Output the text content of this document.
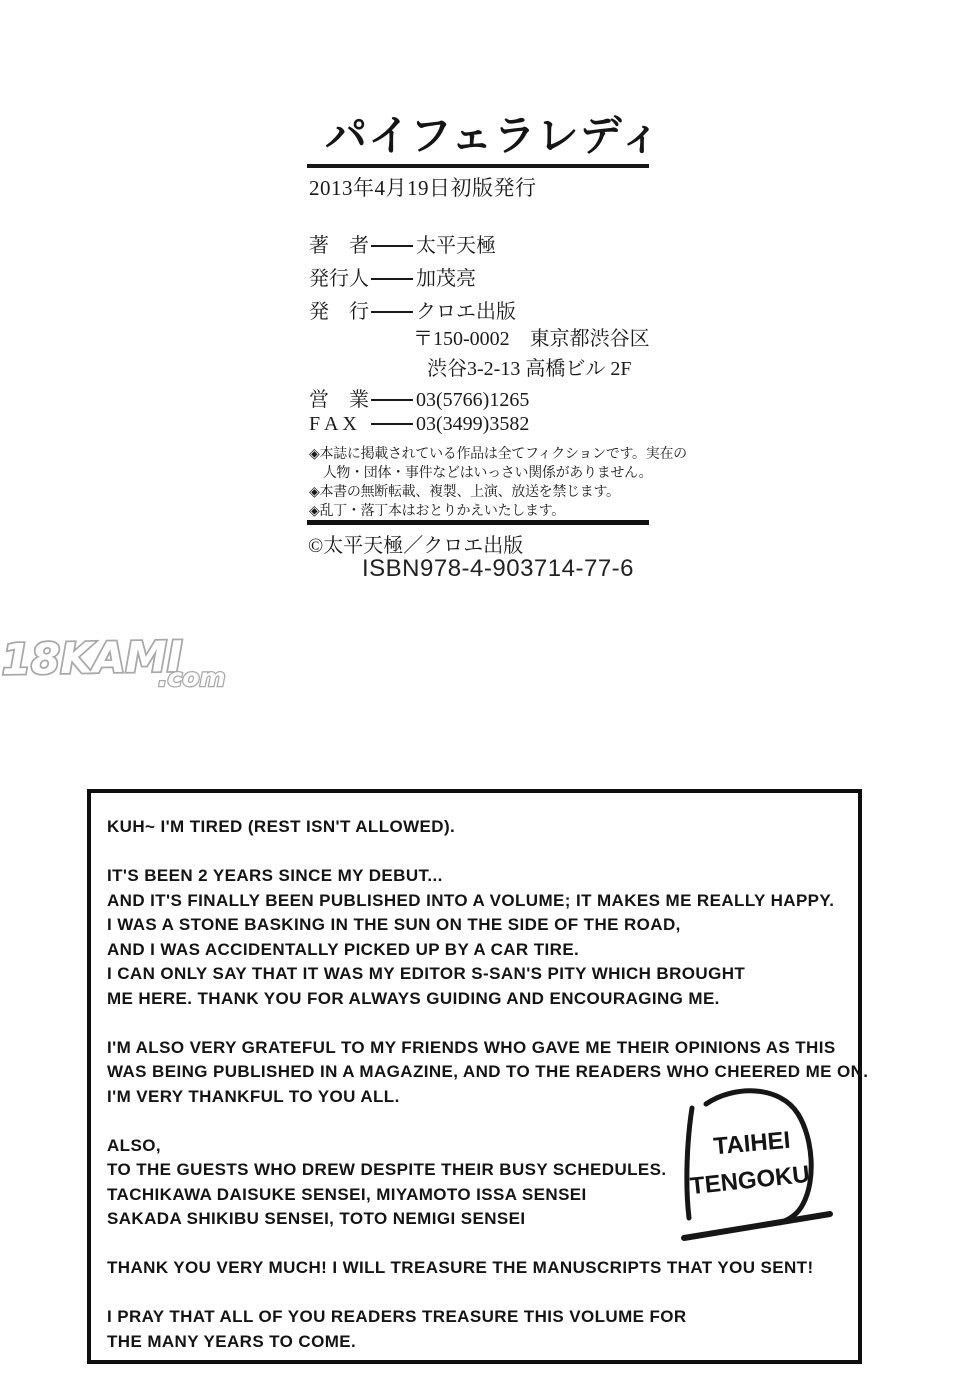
パイフェラレディ
2013年4月19日初版発行
著　者 太平天極
発行人 加茂亮
発　行 クロエ出版
〒150-0002　東京都渋谷区
渋谷3-2-13 高橋ビル 2F
営　業 03(5766)1265
F A X	03(3499)3582
◈本誌に掲載されている作品は全てフィクションです。実在の
　人物・団体・事件などはいっさい関係がありません。
◈本書の無断転載、複製、上演、放送を禁じます。
◈乱丁・落丁本はおとりかえいたします。
©太平天極／クロエ出版
ISBN978-4-903714-77-6
18KAMI
.com
KUH~ I'M TIRED (REST ISN'T ALLOWED).
IT'S BEEN 2 YEARS SINCE MY DEBUT...
AND IT'S FINALLY BEEN PUBLISHED INTO A VOLUME; IT MAKES ME REALLY HAPPY.
I WAS A STONE BASKING IN THE SUN ON THE SIDE OF THE ROAD,
AND I WAS ACCIDENTALLY PICKED UP BY A CAR TIRE.
I CAN ONLY SAY THAT IT WAS MY EDITOR S-SAN'S PITY WHICH BROUGHT
ME HERE. THANK YOU FOR ALWAYS GUIDING AND ENCOURAGING ME.
I'M ALSO VERY GRATEFUL TO MY FRIENDS WHO GAVE ME THEIR OPINIONS AS THIS
WAS BEING PUBLISHED IN A MAGAZINE, AND TO THE READERS WHO CHEERED ME ON.
I'M VERY THANKFUL TO YOU ALL.
ALSO,
TO THE GUESTS WHO DREW DESPITE THEIR BUSY SCHEDULES.
TACHIKAWA DAISUKE SENSEI, MIYAMOTO ISSA SENSEI
SAKADA SHIKIBU SENSEI, TOTO NEMIGI SENSEI
THANK YOU VERY MUCH! I WILL TREASURE THE MANUSCRIPTS THAT YOU SENT!
I PRAY THAT ALL OF YOU READERS TREASURE THIS VOLUME FOR
THE MANY YEARS TO COME.
TAIHEI
TENGOKU
